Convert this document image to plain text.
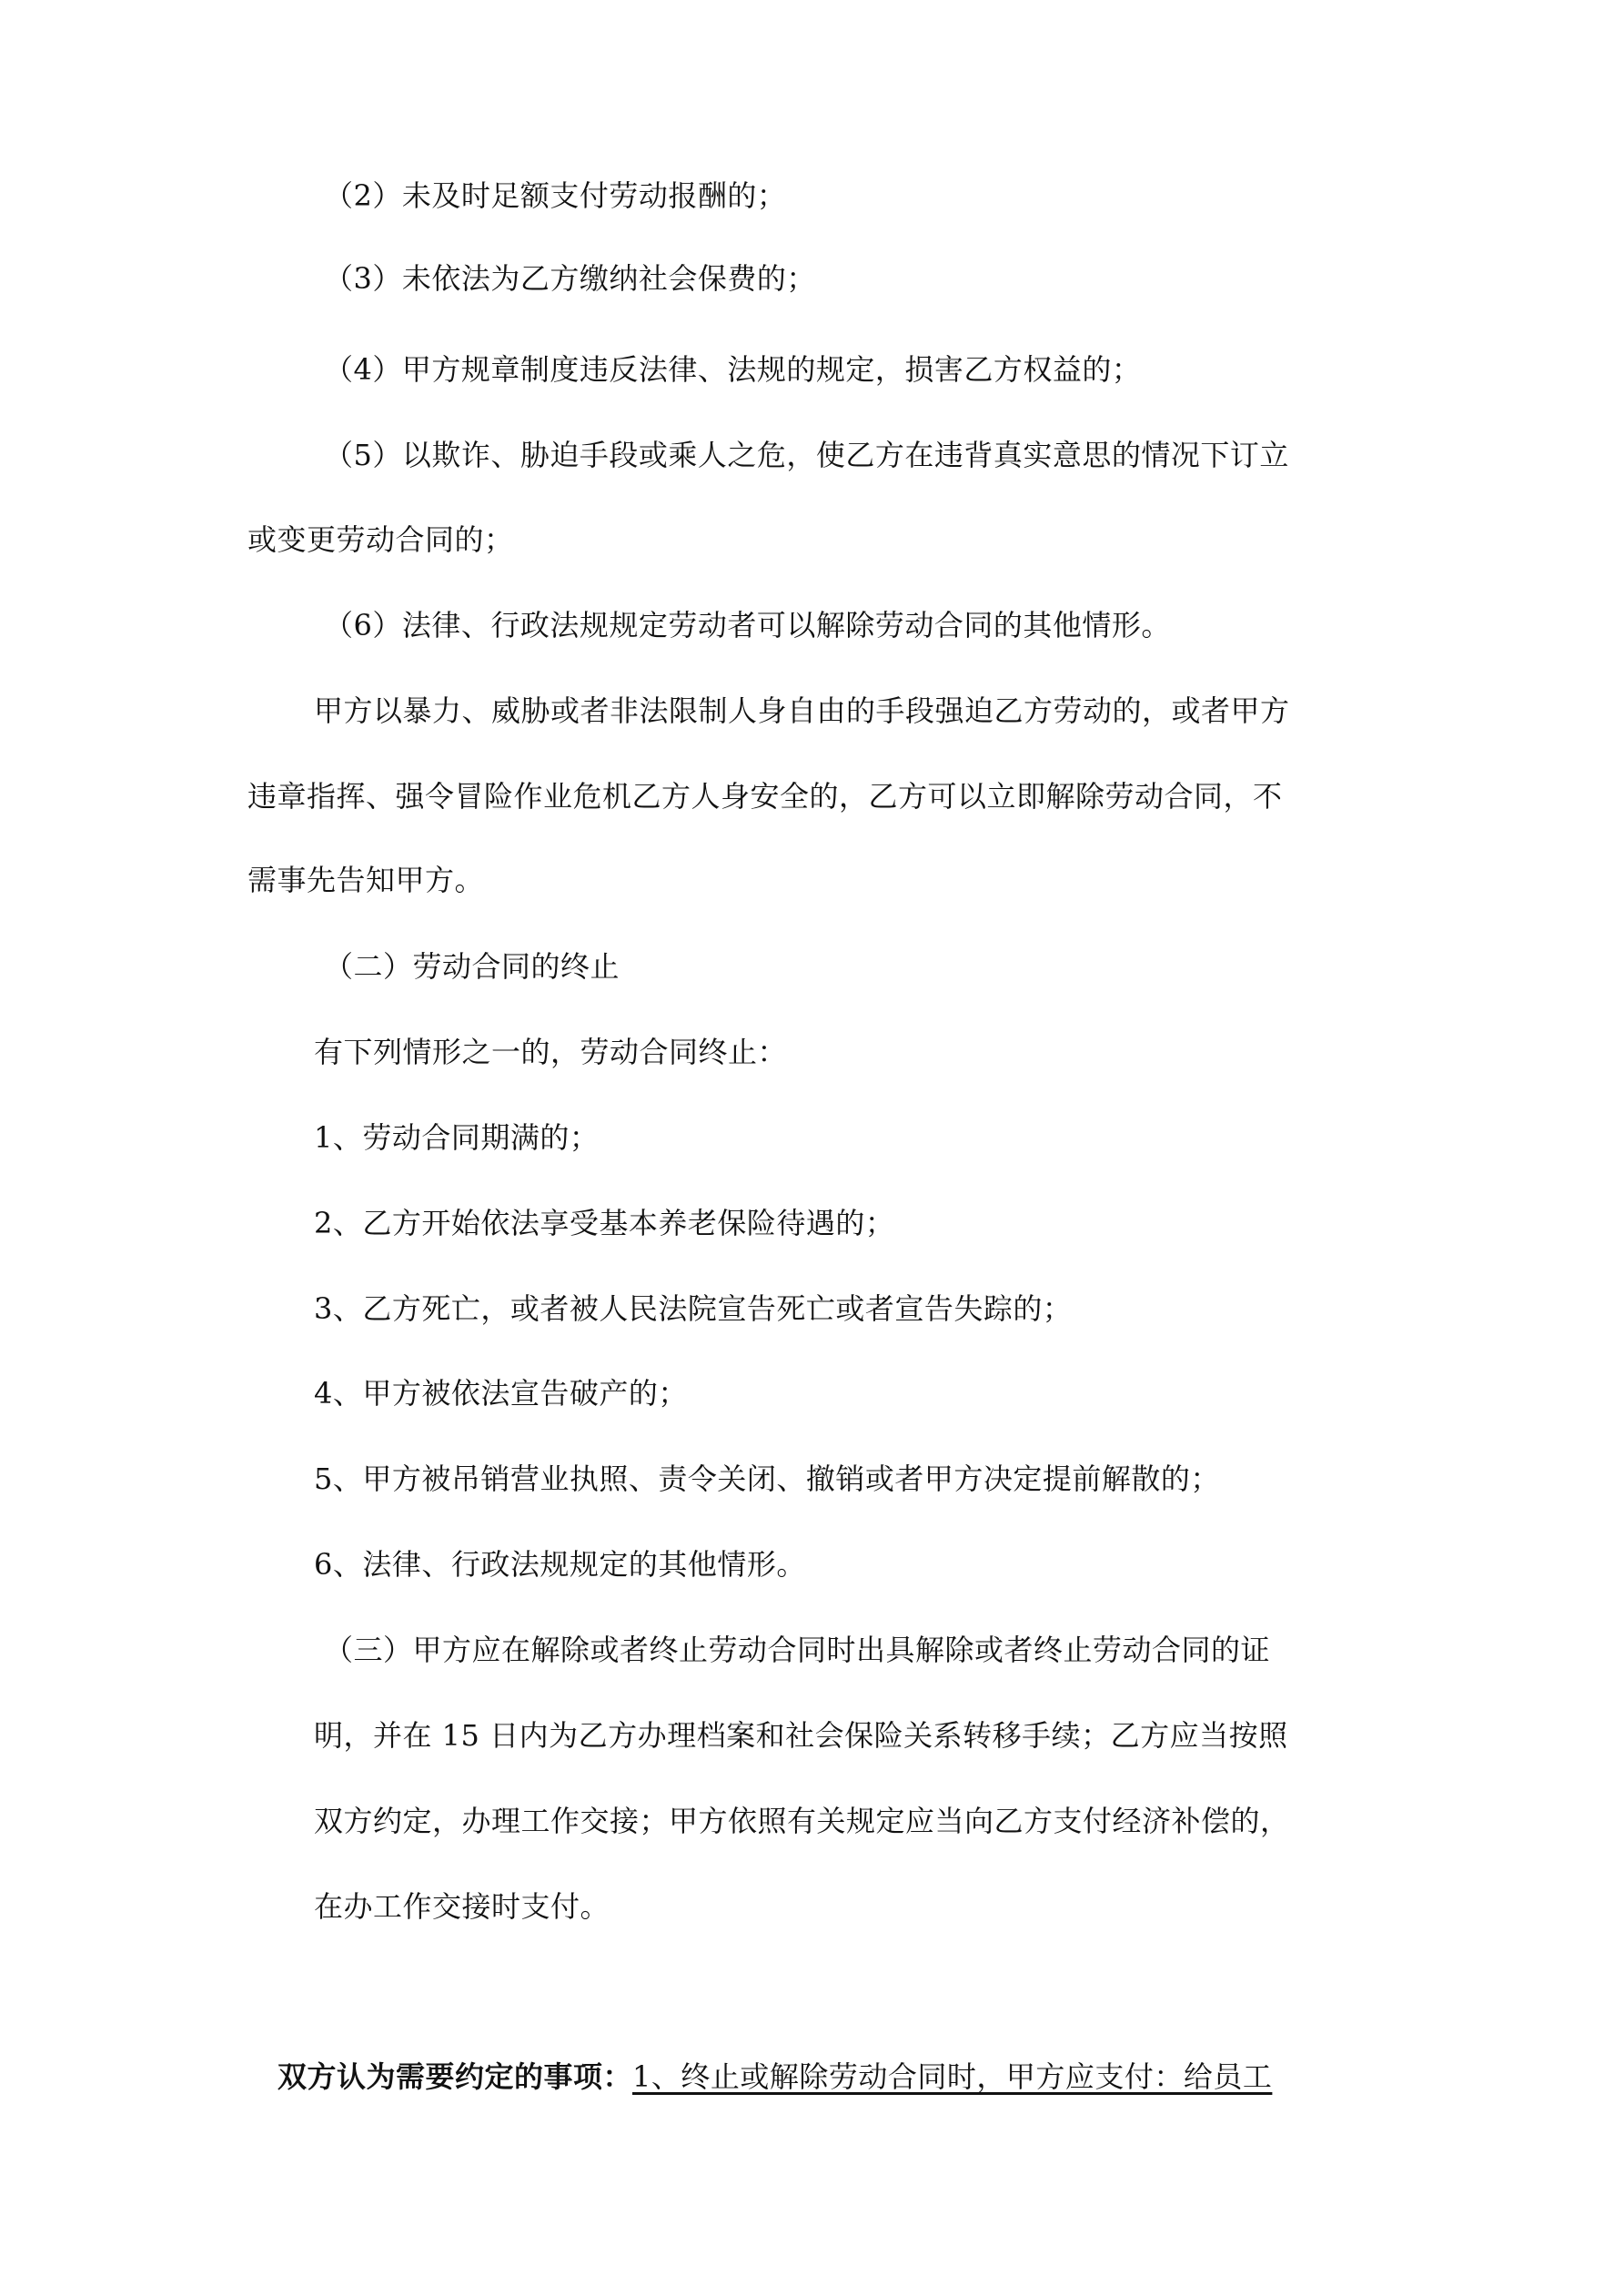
（2）未及时足额支付劳动报酬的；
（3）未依法为乙方缴纳社会保费的；
（4）甲方规章制度违反法律、法规的规定，损害乙方权益的；
（5）以欺诈、胁迫手段或乘人之危，使乙方在违背真实意思的情况下订立
或变更劳动合同的；
（6）法律、行政法规规定劳动者可以解除劳动合同的其他情形。
甲方以暴力、威胁或者非法限制人身自由的手段强迫乙方劳动的，或者甲方
违章指挥、强令冒险作业危机乙方人身安全的，乙方可以立即解除劳动合同，不
需事先告知甲方。
（二）劳动合同的终止
有下列情形之一的，劳动合同终止：
1、劳动合同期满的；
2、乙方开始依法享受基本养老保险待遇的；
3、乙方死亡，或者被人民法院宣告死亡或者宣告失踪的；
4、甲方被依法宣告破产的；
5、甲方被吊销营业执照、责令关闭、撤销或者甲方决定提前解散的；
6、法律、行政法规规定的其他情形。
（三）甲方应在解除或者终止劳动合同时出具解除或者终止劳动合同的证
明，并在 15 日内为乙方办理档案和社会保险关系转移手续；乙方应当按照
双方约定，办理工作交接；甲方依照有关规定应当向乙方支付经济补偿的，
在办工作交接时支付。
双方认为需要约定的事项：1、终止或解除劳动合同时，甲方应支付：给员工
